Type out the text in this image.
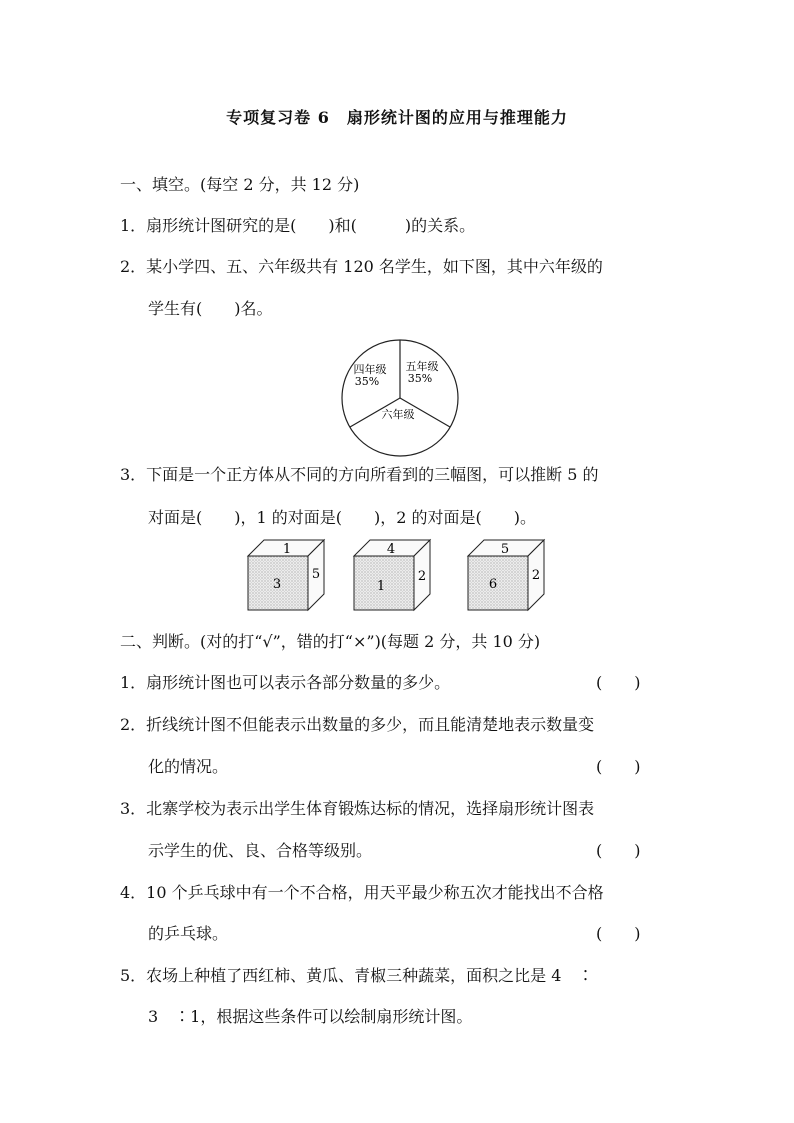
专项复习卷 6　扇形统计图的应用与推理能力
一、填空。(每空 2 分，共 12 分)
1．扇形统计图研究的是(　　)和(　　　)的关系。
2．某小学四、五、六年级共有 120 名学生，如下图，其中六年级的
学生有(　　)名。
四年级
35%
五年级
35%
六年级
3．下面是一个正方体从不同的方向所看到的三幅图，可以推断 5 的
对面是(　　)，1 的对面是(　　)，2 的对面是(　　)。
1
3
5
4
1
2
5
6
2
二、判断。(对的打“√”，错的打“×”)(每题 2 分，共 10 分)
1．扇形统计图也可以表示各部分数量的多少。	(　　)
2．折线统计图不但能表示出数量的多少，而且能清楚地表示数量变
化的情况。	(　　)
3．北寨学校为表示出学生体育锻炼达标的情况，选择扇形统计图表
示学生的优、良、合格等级别。	(　　)
4．10 个乒乓球中有一个不合格，用天平最少称五次才能找出不合格
的乒乓球。	(　　)
5．农场上种植了西红柿、黄瓜、青椒三种蔬菜，面积之比是 4　∶
3　∶1，根据这些条件可以绘制扇形统计图。
